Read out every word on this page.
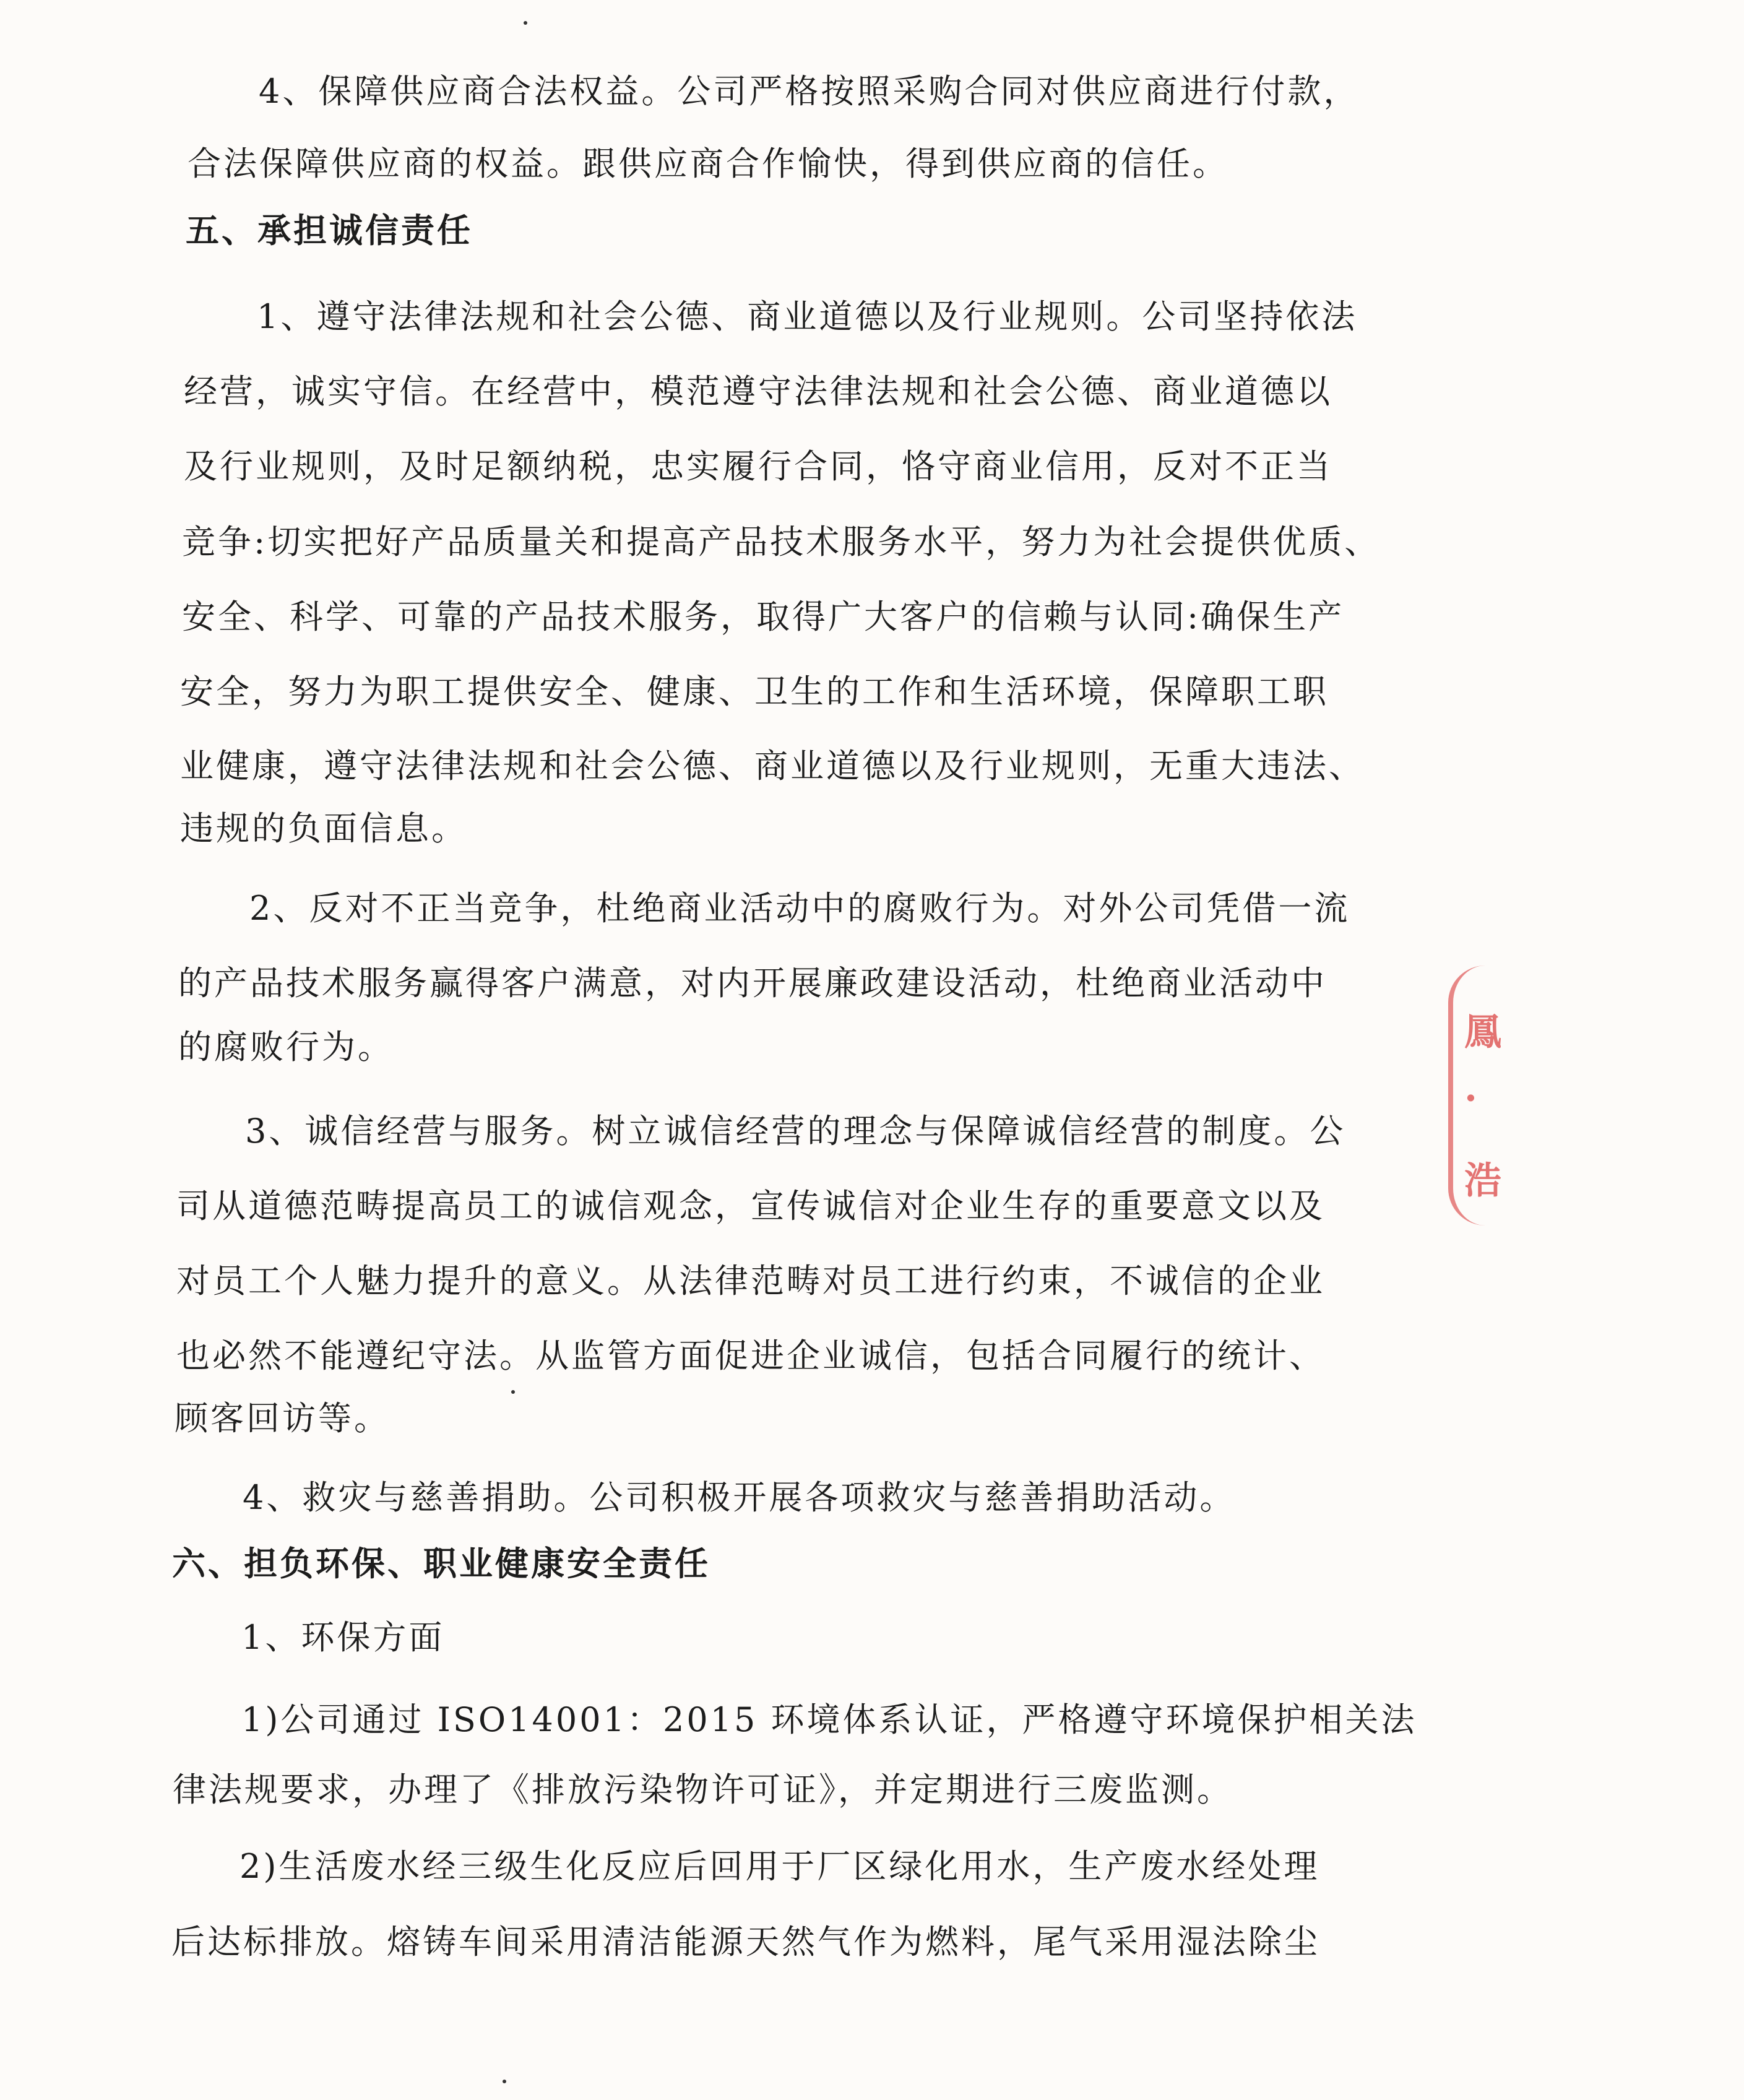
4、保障供应商合法权益。公司严格按照采购合同对供应商进行付款，
合法保障供应商的权益。跟供应商合作愉快，得到供应商的信任。
五、承担诚信责任
1、遵守法律法规和社会公德、商业道德以及行业规则。公司坚持依法
经营，诚实守信。在经营中，模范遵守法律法规和社会公德、商业道德以
及行业规则，及时足额纳税，忠实履行合同，恪守商业信用，反对不正当
竞争:切实把好产品质量关和提高产品技术服务水平，努力为社会提供优质、
安全、科学、可靠的产品技术服务，取得广大客户的信赖与认同:确保生产
安全，努力为职工提供安全、健康、卫生的工作和生活环境，保障职工职
业健康，遵守法律法规和社会公德、商业道德以及行业规则，无重大违法、
违规的负面信息。
2、反对不正当竞争，杜绝商业活动中的腐败行为。对外公司凭借一流
的产品技术服务赢得客户满意，对内开展廉政建设活动，杜绝商业活动中
的腐败行为。
3、诚信经营与服务。树立诚信经营的理念与保障诚信经营的制度。公
司从道德范畴提高员工的诚信观念，宣传诚信对企业生存的重要意文以及
对员工个人魅力提升的意义。从法律范畴对员工进行约束，不诚信的企业
也必然不能遵纪守法。从监管方面促进企业诚信，包括合同履行的统计、
顾客回访等。
4、救灾与慈善捐助。公司积极开展各项救灾与慈善捐助活动。
六、担负环保、职业健康安全责任
1、环保方面
1)公司通过 ISO14001：2015 环境体系认证，严格遵守环境保护相关法
律法规要求，办理了《排放污染物许可证》，并定期进行三废监测。
2)生活废水经三级生化反应后回用于厂区绿化用水，生产废水经处理
后达标排放。熔铸车间采用清洁能源天然气作为燃料，尾气采用湿法除尘
鳳
·
浩
